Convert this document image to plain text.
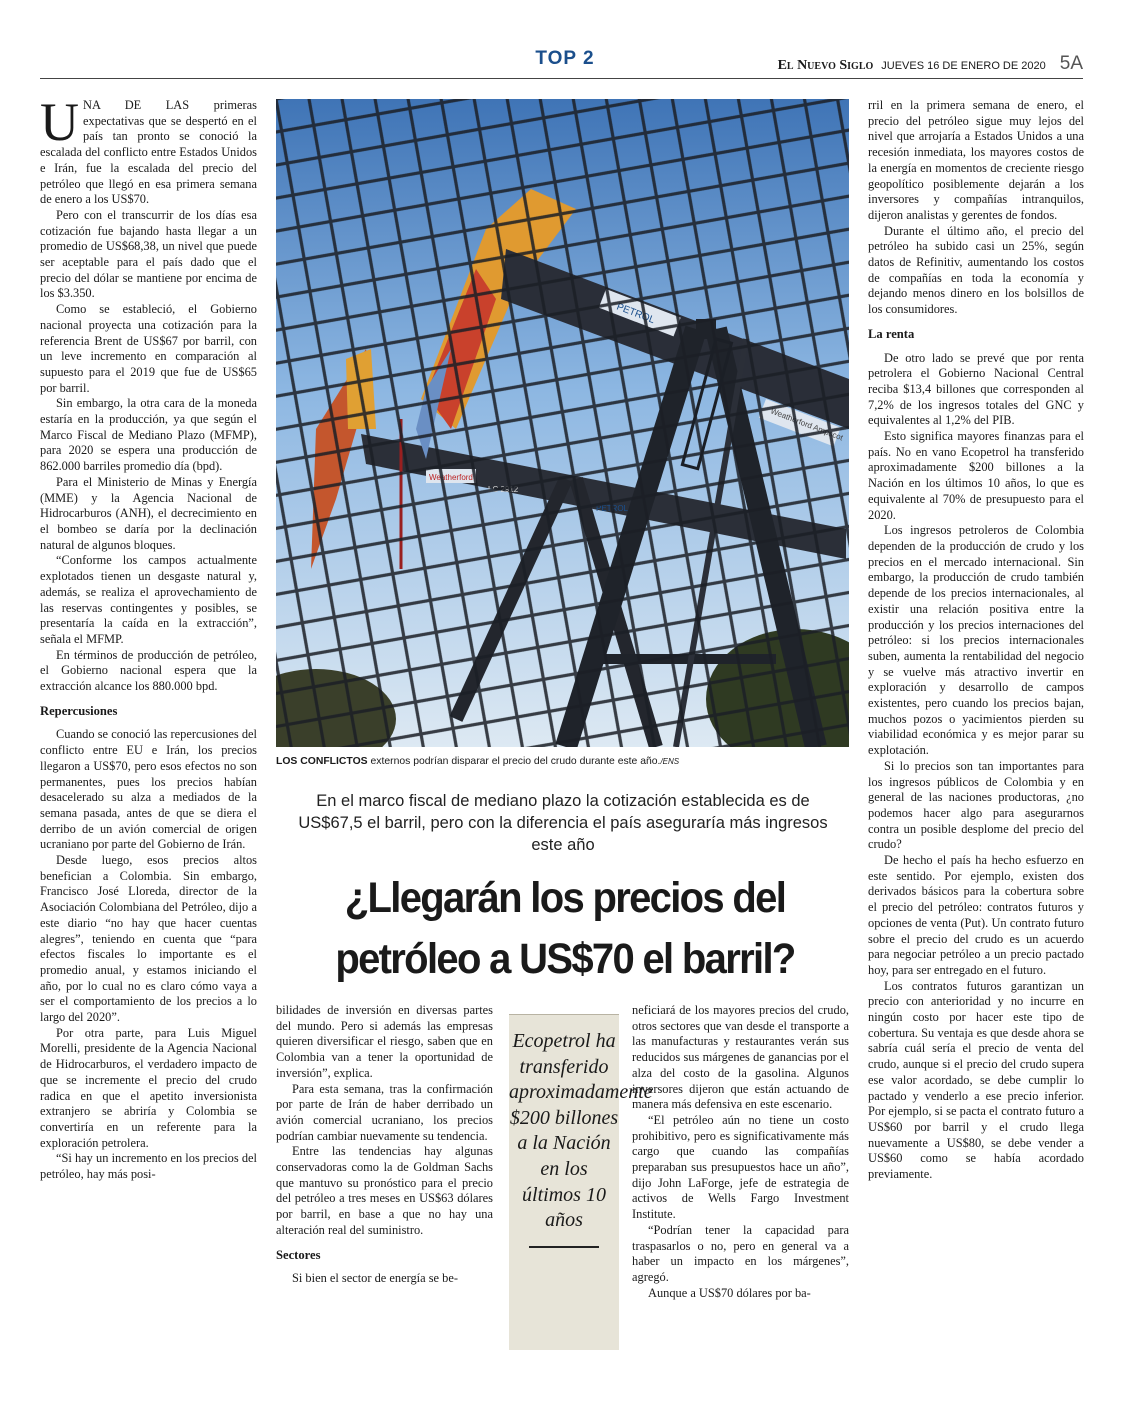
TOP 2	El Nuevo Siglo JUEVES 16 DE ENERO DE 2020 5A
U NA DE LAS primeras expectativas que se despertó en el país tan pronto se conoció la escalada del conflicto entre Estados Unidos e Irán, fue la escalada del precio del petróleo que llegó en esa primera semana de enero a los US$70.

Pero con el transcurrir de los días esa cotización fue bajando hasta llegar a un promedio de US$68,38, un nivel que puede ser aceptable para el país dado que el precio del dólar se mantiene por encima de los $3.350.

Como se estableció, el Gobierno nacional proyecta una cotización para la referencia Brent de US$67 por barril, con un leve incremento en comparación al supuesto para el 2019 que fue de US$65 por barril.

Sin embargo, la otra cara de la moneda estaría en la producción, ya que según el Marco Fiscal de Mediano Plazo (MFMP), para 2020 se espera una producción de 862.000 barriles promedio día (bpd).

Para el Ministerio de Minas y Energía (MME) y la Agencia Nacional de Hidrocarburos (ANH), el decrecimiento en el bombeo se daría por la declinación natural de algunos bloques.

“Conforme los campos actualmente explotados tienen un desgaste natural y, además, se realiza el aprovechamiento de las reservas contingentes y posibles, se presentaría la caída en la extracción”, señala el MFMP.

En términos de producción de petróleo, el Gobierno nacional espera que la extracción alcance los 880.000 bpd.

Repercusiones

Cuando se conoció las repercusiones del conflicto entre EU e Irán, los precios llegaron a US$70, pero esos efectos no son permanentes, pues los precios habían desacelerado su alza a mediados de la semana pasada, antes de que se diera el derribo de un avión comercial de origen ucraniano por parte del Gobierno de Irán.

Desde luego, esos precios altos benefician a Colombia. Sin embargo, Francisco José Lloreda, director de la Asociación Colombiana del Petróleo, dijo a este diario “no hay que hacer cuentas alegres”, teniendo en cuenta que “para efectos fiscales lo importante es el promedio anual, y estamos iniciando el año, por lo cual no es claro cómo vaya a ser el comportamiento de los precios a lo largo del 2020”.

Por otra parte, para Luis Miguel Morelli, presidente de la Agencia Nacional de Hidrocarburos, el verdadero impacto de que se incremente el precio del crudo radica en que el apetito inversionista extranjero se abriría y Colombia se convertiría en un referente para la exploración petrolera.

“Si hay un incremento en los precios del petróleo, hay más posi-

LOS CONFLICTOS externos podrían disparar el precio del crudo durante este año./ENS
En el marco fiscal de mediano plazo la cotización establecida es de US$67,5 el barril, pero con la diferencia el país aseguraría más ingresos este año
¿Llegarán los precios del petróleo a US$70 el barril?

bilidades de inversión en diversas partes del mundo. Pero si además las empresas quieren diversificar el riesgo, saben que en Colombia van a tener la oportunidad de inversión”, explica.

Para esta semana, tras la confirmación por parte de Irán de haber derribado un avión comercial ucraniano, los precios podrían cambiar nuevamente su tendencia.

Entre las tendencias hay algunas conservadoras como la de Goldman Sachs que mantuvo su pronóstico para el precio del petróleo a tres meses en US$63 dólares por barril, en base a que no hay una alteración real del suministro.

Sectores

Si bien el sector de energía se be-

Ecopetrol ha transferido aproximadamente $200 billones a la Nación en los últimos 10 años

neficiará de los mayores precios del crudo, otros sectores que van desde el transporte a las manufacturas y restaurantes verán sus reducidos sus márgenes de ganancias por el alza del costo de la gasolina. Algunos inversores dijeron que están actuando de manera más defensiva en este escenario.

“El petróleo aún no tiene un costo prohibitivo, pero es significativamente más cargo que cuando las compañías preparaban sus presupuestos hace un año”, dijo John LaForge, jefe de estrategia de activos de Wells Fargo Investment Institute.

“Podrían tener la capacidad para traspasarlos o no, pero en general va a haber un impacto en los márgenes”, agregó.

Aunque a US$70 dólares por ba-

rril en la primera semana de enero, el precio del petróleo sigue muy lejos del nivel que arrojaría a Estados Unidos a una recesión inmediata, los mayores costos de la energía en momentos de creciente riesgo geopolítico posiblemente dejarán a los inversores y compañías intranquilos, dijeron analistas y gerentes de fondos.

Durante el último año, el precio del petróleo ha subido casi un 25%, según datos de Refinitiv, aumentando los costos de compañías en toda la economía y dejando menos dinero en los bolsillos de los consumidores.

La renta

De otro lado se prevé que por renta petrolera el Gobierno Nacional Central reciba $13,4 billones que corresponden al 7,2% de los ingresos totales del GNC y equivalentes al 1,2% del PIB.

Esto significa mayores finanzas para el país. No en vano Ecopetrol ha transferido aproximadamente $200 billones a la Nación en los últimos 10 años, lo que es equivalente al 70% de presupuesto para el 2020.

Los ingresos petroleros de Colombia dependen de la producción de crudo y los precios en el mercado internacional. Sin embargo, la producción de crudo también depende de los precios internacionales, al existir una relación positiva entre la producción y los precios internaciones del petróleo: si los precios internacionales suben, aumenta la rentabilidad del negocio y se vuelve más atractivo invertir en exploración y desarrollo de campos existentes, pero cuando los precios bajan, muchos pozos o yacimientos pierden su viabilidad económica y es mejor parar su explotación.

Si lo precios son tan importantes para los ingresos públicos de Colombia y en general de las naciones productoras, ¿no podemos hacer algo para asegurarnos contra un posible desplome del precio del crudo?

De hecho el país ha hecho esfuerzo en este sentido. Por ejemplo, existen dos derivados básicos para la cobertura sobre el precio del petróleo: contratos futuros y opciones de venta (Put). Un contrato futuro sobre el precio del crudo es un acuerdo para negociar petróleo a un precio pactado hoy, para ser entregado en el futuro.

Los contratos futuros garantizan un precio con anterioridad y no incurre en ningún costo por hacer este tipo de cobertura. Su ventaja es que desde ahora se sabría cuál sería el precio de venta del crudo, aunque si el precio del crudo supera ese valor acordado, se debe cumplir lo pactado y venderlo a ese precio inferior. Por ejemplo, si se pacta el contrato futuro a US$60 por barril y el crudo llega nuevamente a US$80, se debe vender a US$60 como se había acordado previamente.
